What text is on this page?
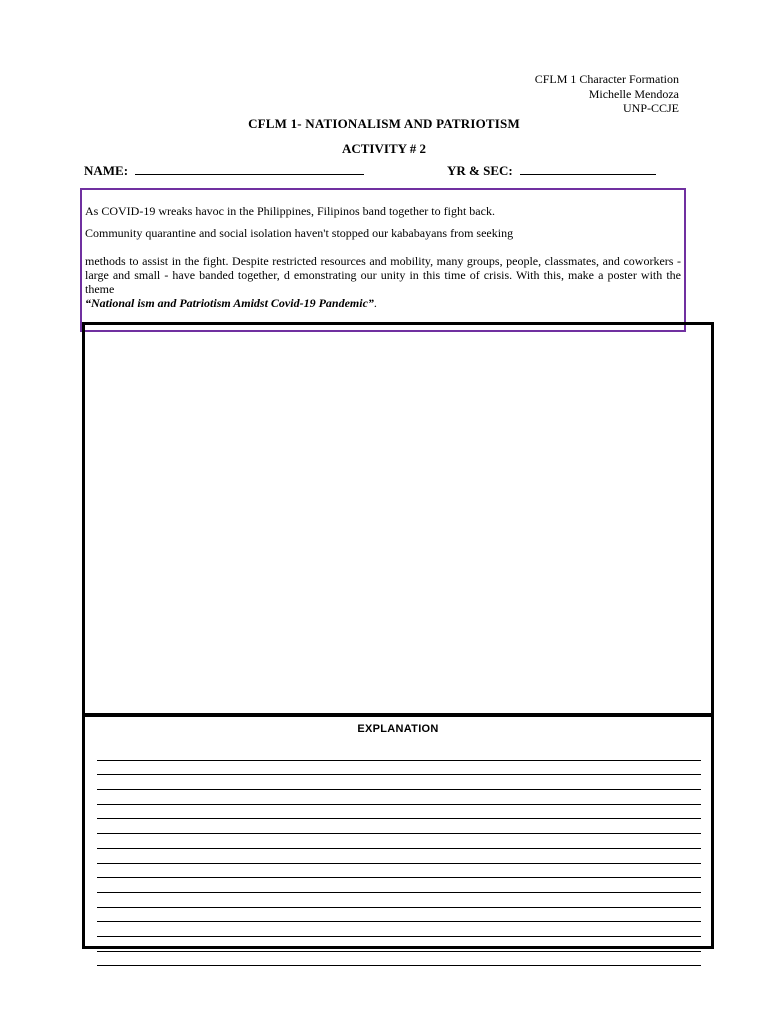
CFLM 1 Character Formation
Michelle Mendoza
UNP-CCJE
CFLM 1- NATIONALISM AND PATRIOTISM
ACTIVITY # 2
NAME:	YR & SEC:

As COVID-19 wreaks havoc in the Philippines, Filipinos band together to fight back.

Community quarantine and social isolation haven't stopped our kababayans from seeking

methods to assist in the fight. Despite restricted resources and mobility, many groups, people, classmates, and coworkers - large and small - have banded together, d emonstrating our unity in this time of crisis. With this, make a poster with the theme

“National ism and Patriotism Amidst Covid-19 Pandemic”.

EXPLANATION
